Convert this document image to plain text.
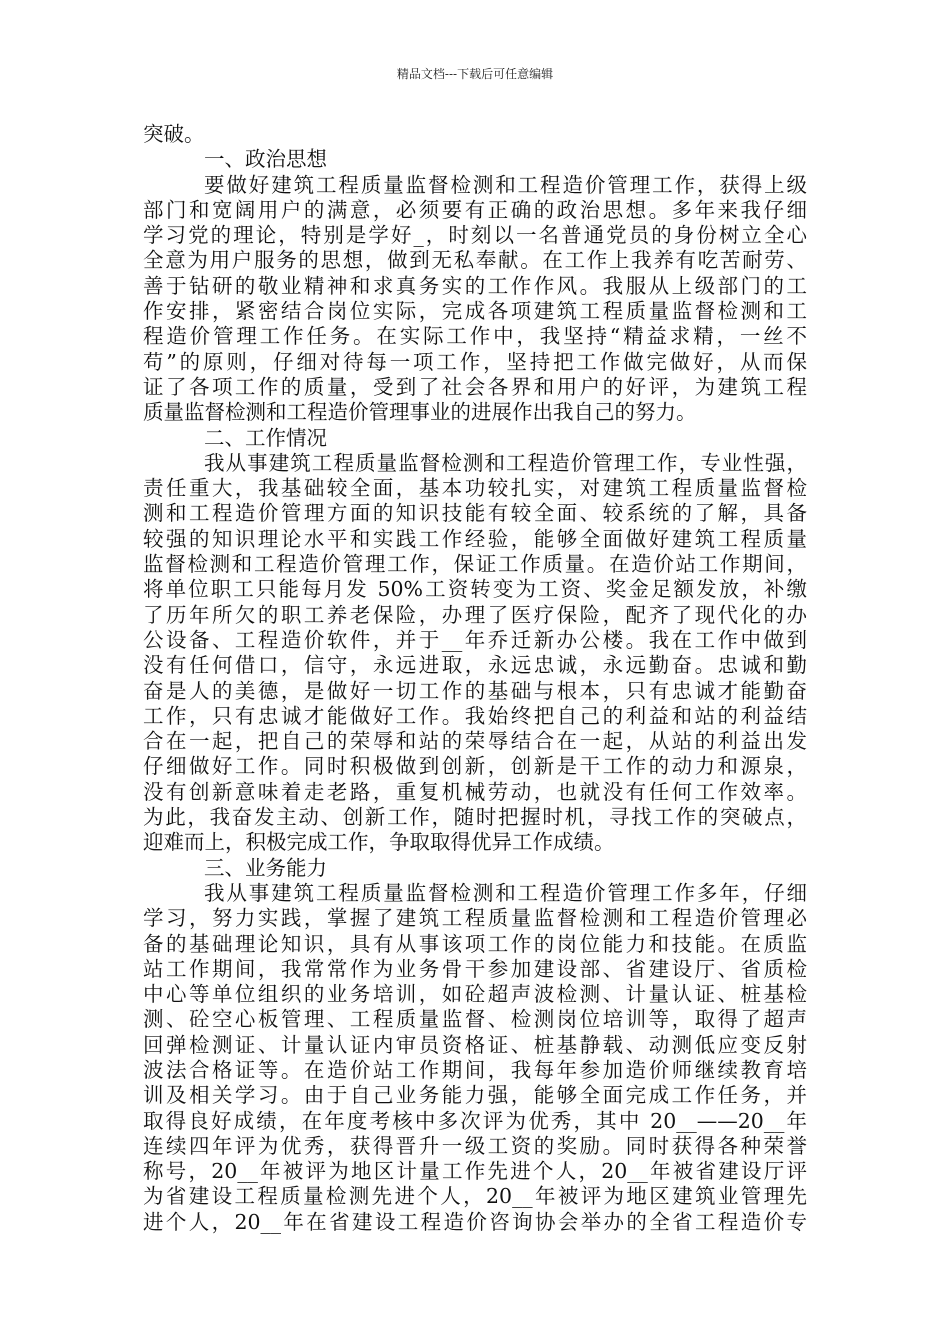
精品文档---下载后可任意编辑
突破。
一、政治思想
要做好建筑工程质量监督检测和工程造价管理工作，获得上级
部门和宽阔用户的满意，必须要有正确的政治思想。多年来我仔细
学习党的理论，特别是学好_，时刻以一名普通党员的身份树立全心
全意为用户服务的思想，做到无私奉献。在工作上我养有吃苦耐劳、
善于钻研的敬业精神和求真务实的工作作风。我服从上级部门的工
作安排，紧密结合岗位实际，完成各项建筑工程质量监督检测和工
程造价管理工作任务。在实际工作中，我坚持“精益求精，一丝不
苟”的原则，仔细对待每一项工作，坚持把工作做完做好，从而保
证了各项工作的质量，受到了社会各界和用户的好评，为建筑工程
质量监督检测和工程造价管理事业的进展作出我自己的努力。
二、工作情况
我从事建筑工程质量监督检测和工程造价管理工作，专业性强，
责任重大，我基础较全面，基本功较扎实，对建筑工程质量监督检
测和工程造价管理方面的知识技能有较全面、较系统的了解，具备
较强的知识理论水平和实践工作经验，能够全面做好建筑工程质量
监督检测和工程造价管理工作，保证工作质量。在造价站工作期间，
将单位职工只能每月发 50%工资转变为工资、奖金足额发放，补缴
了历年所欠的职工养老保险，办理了医疗保险，配齐了现代化的办
公设备、工程造价软件，并于__年乔迁新办公楼。我在工作中做到
没有任何借口，信守，永远进取，永远忠诚，永远勤奋。忠诚和勤
奋是人的美德，是做好一切工作的基础与根本，只有忠诚才能勤奋
工作，只有忠诚才能做好工作。我始终把自己的利益和站的利益结
合在一起，把自己的荣辱和站的荣辱结合在一起，从站的利益出发
仔细做好工作。同时积极做到创新，创新是干工作的动力和源泉，
没有创新意味着走老路，重复机械劳动，也就没有任何工作效率。
为此，我奋发主动、创新工作，随时把握时机，寻找工作的突破点，
迎难而上，积极完成工作，争取取得优异工作成绩。
三、业务能力
我从事建筑工程质量监督检测和工程造价管理工作多年，仔细
学习，努力实践，掌握了建筑工程质量监督检测和工程造价管理必
备的基础理论知识，具有从事该项工作的岗位能力和技能。在质监
站工作期间，我常常作为业务骨干参加建设部、省建设厅、省质检
中心等单位组织的业务培训，如砼超声波检测、计量认证、桩基检
测、砼空心板管理、工程质量监督、检测岗位培训等，取得了超声
回弹检测证、计量认证内审员资格证、桩基静载、动测低应变反射
波法合格证等。在造价站工作期间，我每年参加造价师继续教育培
训及相关学习。由于自己业务能力强，能够全面完成工作任务，并
取得良好成绩，在年度考核中多次评为优秀，其中 20__——20__年
连续四年评为优秀，获得晋升一级工资的奖励。同时获得各种荣誉
称号，20__年被评为地区计量工作先进个人，20__年被省建设厅评
为省建设工程质量检测先进个人，20__年被评为地区建筑业管理先
进个人，20__年在省建设工程造价咨询协会举办的全省工程造价专
